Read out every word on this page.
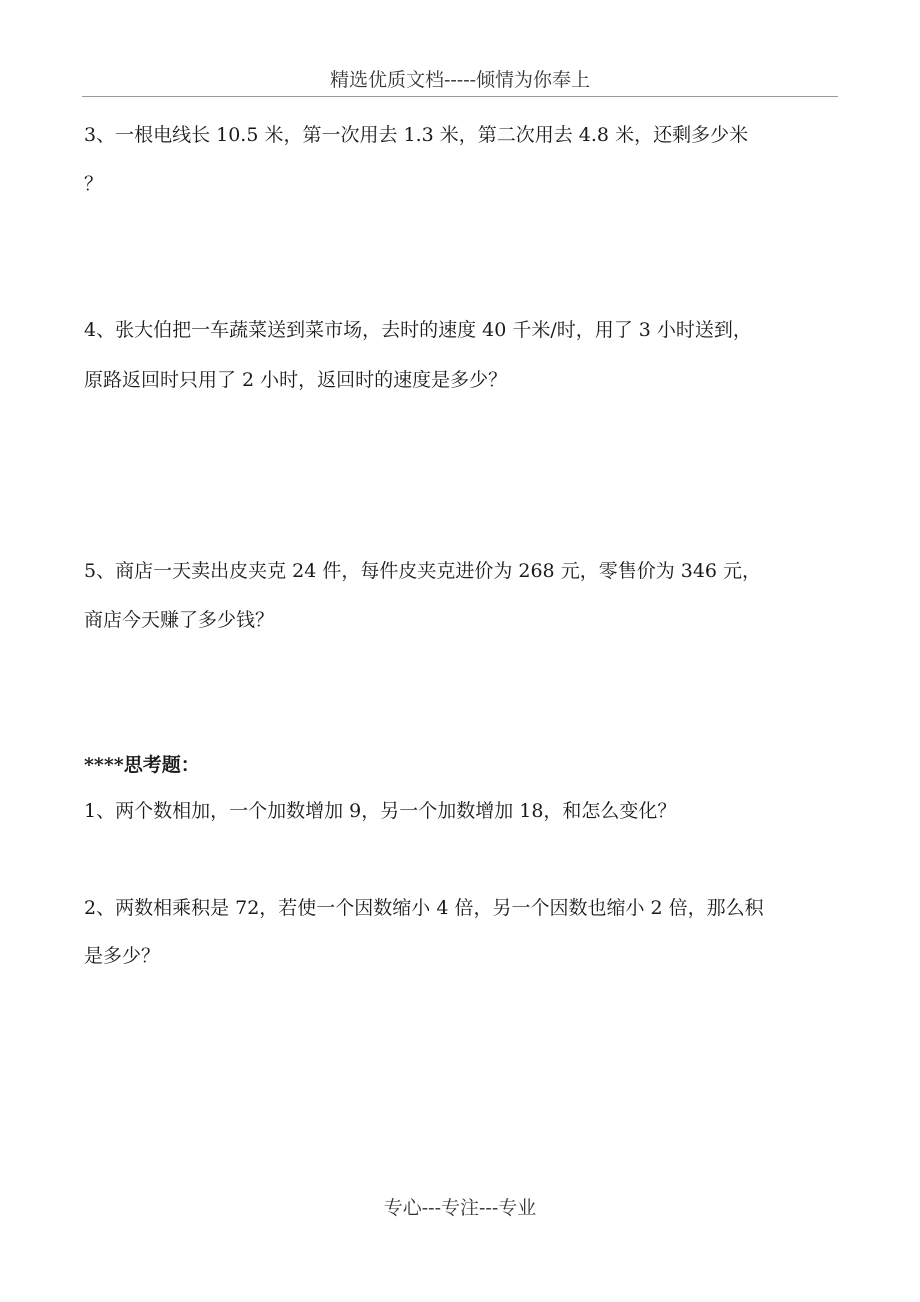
精选优质文档-----倾情为你奉上
3、一根电线长 10.5 米，第一次用去 1.3 米，第二次用去 4.8 米，还剩多少米
？
4、张大伯把一车蔬菜送到菜市场，去时的速度 40 千米/时，用了 3 小时送到，
原路返回时只用了 2 小时，返回时的速度是多少？
5、商店一天卖出皮夹克 24 件，每件皮夹克进价为 268 元，零售价为 346 元，
商店今天赚了多少钱？
****思考题：
1、两个数相加，一个加数增加 9，另一个加数增加 18，和怎么变化？
2、两数相乘积是 72，若使一个因数缩小 4 倍，另一个因数也缩小 2 倍，那么积
是多少？
专心---专注---专业
